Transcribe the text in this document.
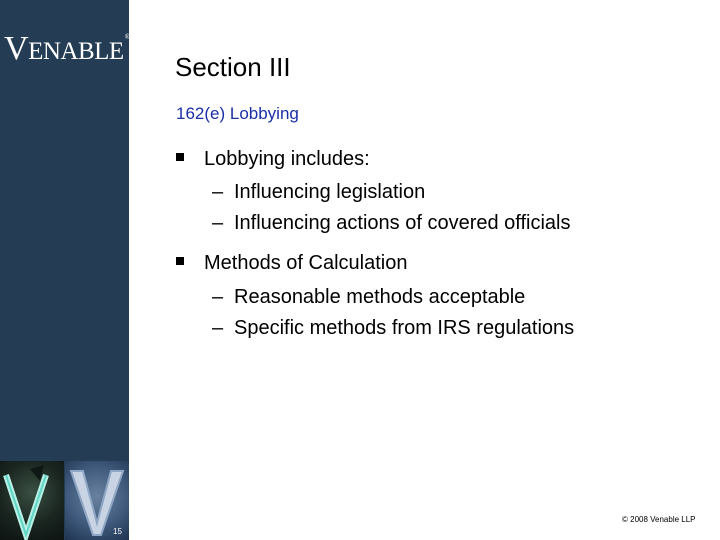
VENABLE®LLP
15
Section III
162(e) Lobbying
Lobbying includes:
– Influencing legislation
– Influencing actions of covered officials
Methods of Calculation
– Reasonable methods acceptable
– Specific methods from IRS regulations
© 2008 Venable LLP
